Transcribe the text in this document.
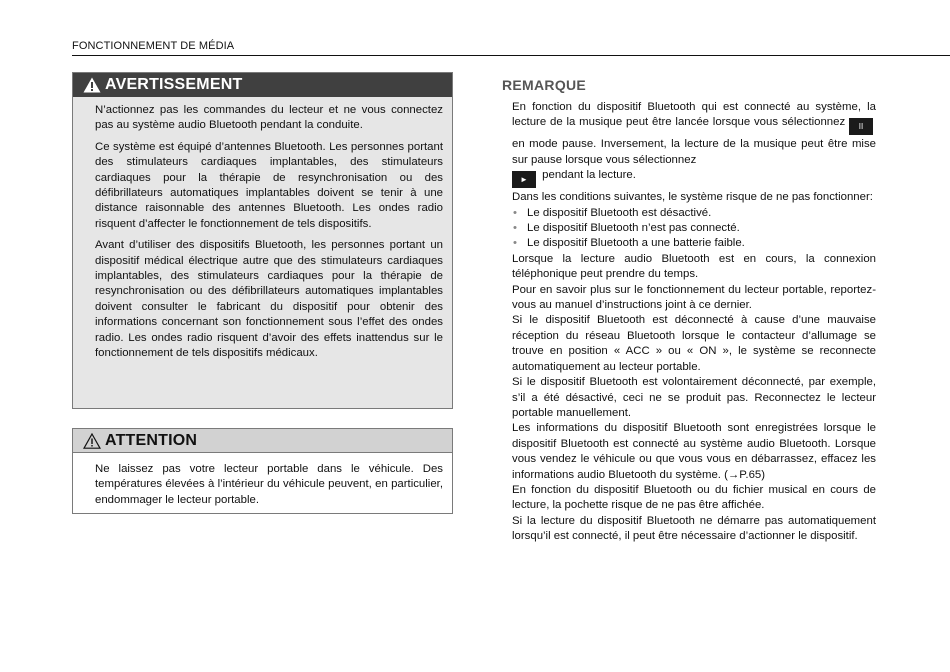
FONCTIONNEMENT DE MÉDIA
AVERTISSEMENT

N’actionnez pas les commandes du lecteur et ne vous connectez pas au système audio Bluetooth pendant la conduite.

Ce système est équipé d’antennes Bluetooth. Les personnes portant des stimulateurs cardiaques implantables, des stimulateurs cardiaques pour la thérapie de resynchronisation ou des défibrillateurs automatiques implantables doivent se tenir à une distance raisonnable des antennes Bluetooth. Les ondes radio risquent d’affecter le fonctionnement de tels dispositifs.

Avant d’utiliser des dispositifs Bluetooth, les personnes portant un dispositif médical électrique autre que des stimulateurs cardiaques implantables, des stimulateurs cardiaques pour la thérapie de resynchronisation ou des défibrillateurs automatiques implantables doivent consulter le fabricant du dispositif pour obtenir des informations concernant son fonctionnement sous l’effet des ondes radio. Les ondes radio risquent d’avoir des effets inattendus sur le fonctionnement de tels dispositifs médicaux.

ATTENTION

Ne laissez pas votre lecteur portable dans le véhicule. Des températures élevées à l’intérieur du véhicule peuvent, en particulier, endommager le lecteur portable.

REMARQUE

En fonction du dispositif Bluetooth qui est connecté au système, la lecture de la musique peut être lancée lorsque vous sélectionnez II en mode pause. Inversement, la lecture de la musique peut être mise sur pause lorsque vous sélectionnez

► pendant la lecture.

Dans les conditions suivantes, le système risque de ne pas fonctionner:

• Le dispositif Bluetooth est désactivé.
• Le dispositif Bluetooth n’est pas connecté.
• Le dispositif Bluetooth a une batterie faible.

Lorsque la lecture audio Bluetooth est en cours, la connexion téléphonique peut prendre du temps.

Pour en savoir plus sur le fonctionnement du lecteur portable, reportez-vous au manuel d’instructions joint à ce dernier.

Si le dispositif Bluetooth est déconnecté à cause d’une mauvaise réception du réseau Bluetooth lorsque le contacteur d’allumage se trouve en position « ACC » ou « ON », le système se reconnecte automatiquement au lecteur portable.

Si le dispositif Bluetooth est volontairement déconnecté, par exemple, s’il a été désactivé, ceci ne se produit pas. Reconnectez le lecteur portable manuellement.

Les informations du dispositif Bluetooth sont enregistrées lorsque le dispositif Bluetooth est connecté au système audio Bluetooth. Lorsque vous vendez le véhicule ou que vous vous en débarrassez, effacez les informations audio Bluetooth du système. (→P.65)

En fonction du dispositif Bluetooth ou du fichier musical en cours de lecture, la pochette risque de ne pas être affichée.

Si la lecture du dispositif Bluetooth ne démarre pas automatiquement lorsqu’il est connecté, il peut être nécessaire d’actionner le dispositif.
